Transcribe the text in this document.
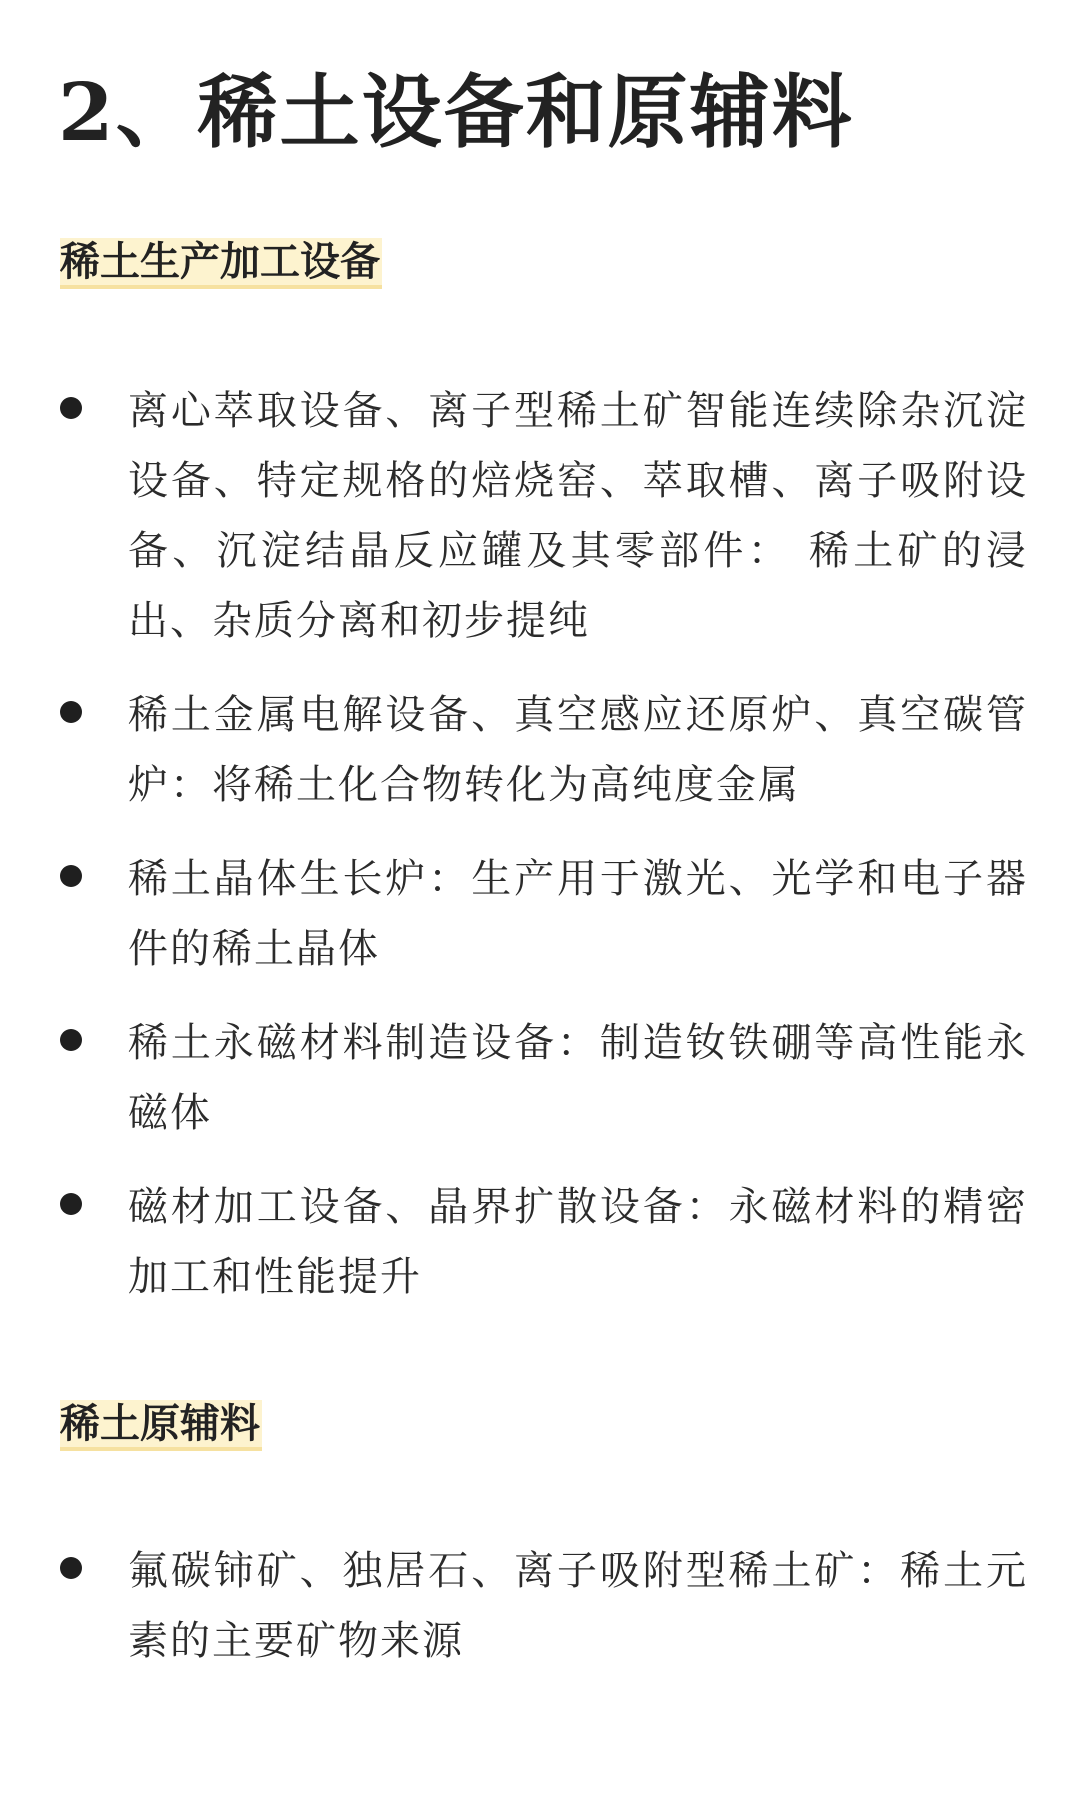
2、稀土设备和原辅料
稀土生产加工设备
离心萃取设备、离子型稀土矿智能连续除杂沉淀设备、特定规格的焙烧窑、萃取槽、离子吸附设备、沉淀结晶反应罐及其零部件： 稀土矿的浸出、杂质分离和初步提纯
稀土金属电解设备、真空感应还原炉、真空碳管炉：将稀土化合物转化为高纯度金属
稀土晶体生长炉：生产用于激光、光学和电子器件的稀土晶体
稀土永磁材料制造设备：制造钕铁硼等高性能永磁体
磁材加工设备、晶界扩散设备：永磁材料的精密加工和性能提升
稀土原辅料
氟碳铈矿、独居石、离子吸附型稀土矿：稀土元素的主要矿物来源
